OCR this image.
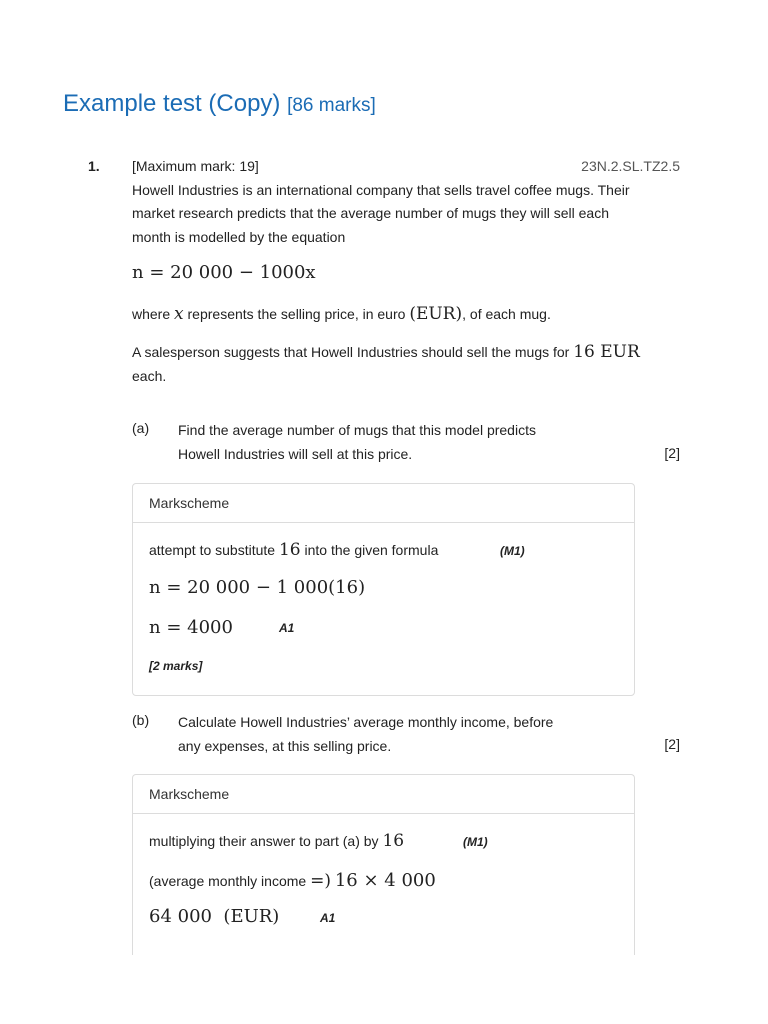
Example test (Copy) [86 marks]
1. [Maximum mark: 19]	23N.2.SL.TZ2.5
Howell Industries is an international company that sells travel coffee mugs. Their
market research predicts that the average number of mugs they will sell each
month is modelled by the equation
n = 20 000 − 1000x
where x represents the selling price, in euro (EUR), of each mug.
A salesperson suggests that Howell Industries should sell the mugs for 16 EUR
each.
(a) Find the average number of mugs that this model predicts
Howell Industries will sell at this price.	[2]
Markscheme
attempt to substitute 16 into the given formula	(M1)
n = 20 000 − 1 000(16)
n = 4000	A1
[2 marks]
(b) Calculate Howell Industries’ average monthly income, before
any expenses, at this selling price.	[2]
Markscheme
multiplying their answer to part (a) by 16	(M1)
(average monthly income =) 16 × 4 000
64 000  (EUR)	A1
